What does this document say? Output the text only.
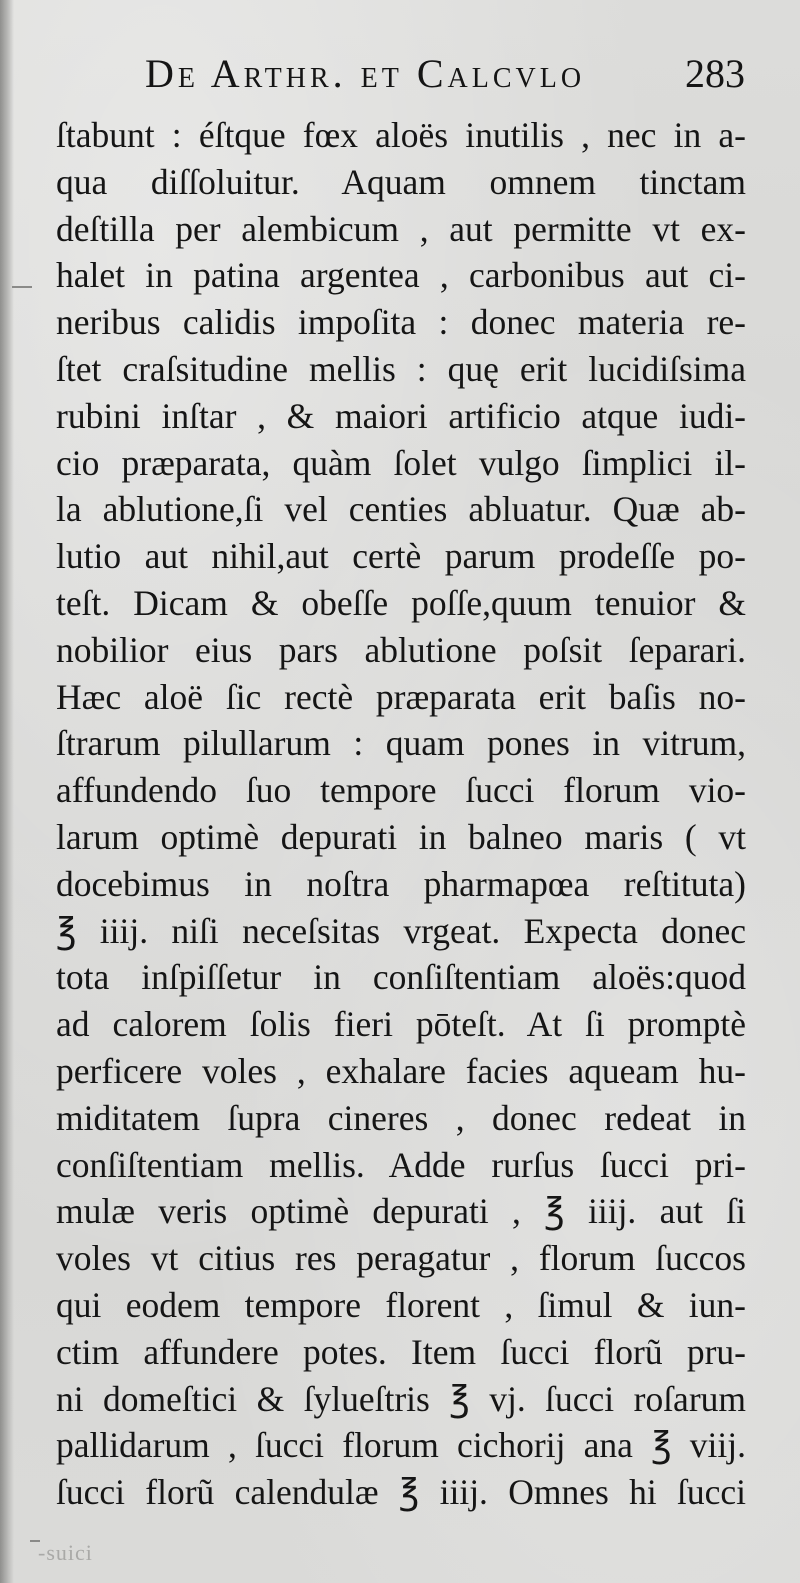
De Arthr. et Calcvlo 283
ſtabunt : éſtque fœx aloës inutilis , nec in a-
qua diſſoluitur. Aquam omnem tinctam
deſtilla per alembicum , aut permitte vt ex-
halet in patina argentea , carbonibus aut ci-
neribus calidis impoſita : donec materia re-
ſtet craſsitudine mellis : quę erit lucidiſsima
rubini inſtar , & maiori artificio atque iudi-
cio præparata, quàm ſolet vulgo ſimplici il-
la ablutione,ſi vel centies abluatur. Quæ ab-
lutio aut nihil,aut certè parum prodeſſe po-
teſt. Dicam & obeſſe poſſe,quum tenuior &
nobilior eius pars ablutione poſsit ſeparari.
Hæc aloë ſic rectè præparata erit baſis no-
ſtrarum pilullarum : quam pones in vitrum,
affundendo ſuo tempore ſucci florum vio-
larum optimè depurati in balneo maris ( vt
docebimus in noſtra pharmapœa reſtituta)
℥ iiij. niſi neceſsitas vrgeat. Expecta donec
tota inſpiſſetur in conſiſtentiam aloës:quod
ad calorem ſolis fieri pōteſt. At ſi promptè
perficere voles , exhalare facies aqueam hu-
miditatem ſupra cineres , donec redeat in
conſiſtentiam mellis. Adde rurſus ſucci pri-
mulæ veris optimè depurati , ℥ iiij. aut ſi
voles vt citius res peragatur , florum ſuccos
qui eodem tempore florent , ſimul & iun-
ctim affundere potes. Item ſucci florũ pru-
ni domeſtici & ſylueſtris ℥ vj. ſucci roſarum
pallidarum , ſucci florum cichorij ana ℥ viij.
ſucci florũ calendulæ ℥ iiij. Omnes hi ſucci
-suici
